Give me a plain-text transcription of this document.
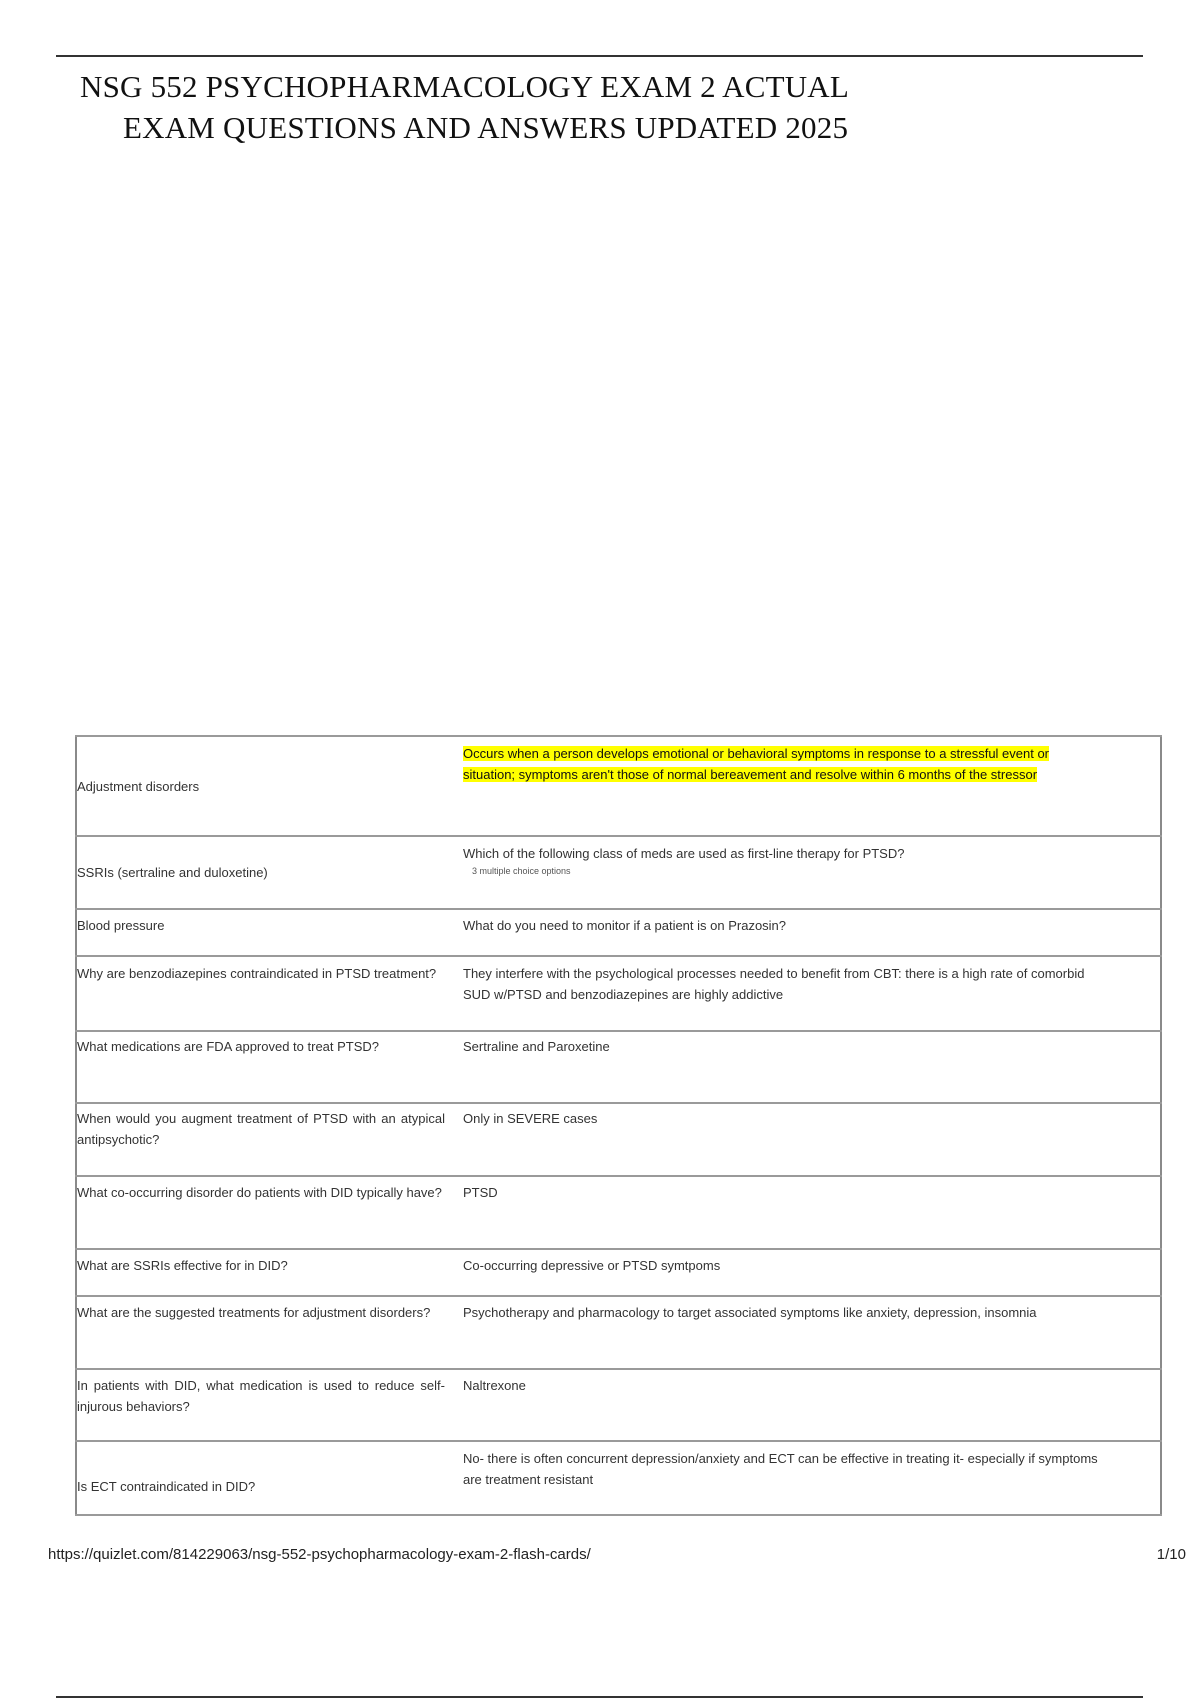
NSG 552 PSYCHOPHARMACOLOGY EXAM 2 ACTUAL
EXAM QUESTIONS AND ANSWERS UPDATED 2025
Adjustment disorders	Occurs when a person develops emotional or behavioral symptoms in response to a stressful event or situation; symptoms aren't those of normal bereavement and resolve within 6 months of the stressor

SSRIs (sertraline and duloxetine)	Which of the following class of meds are used as first-line therapy for PTSD?
3 multiple choice options

Blood pressure	What do you need to monitor if a patient is on Prazosin?

Why are benzodiazepines contraindicated in PTSD treatment?	They interfere with the psychological processes needed to benefit from CBT: there is a high rate of comorbid SUD w/PTSD and benzodiazepines are highly addictive

What medications are FDA approved to treat PTSD?	Sertraline and Paroxetine

When would you augment treatment of PTSD with an atypical antipsychotic?	Only in SEVERE cases

What co-occurring disorder do patients with DID typically have?	PTSD

What are SSRIs effective for in DID?	Co-occurring depressive or PTSD symtpoms

What are the suggested treatments for adjustment disorders?	Psychotherapy and pharmacology to target associated symptoms like anxiety, depression, insomnia

In patients with DID, what medication is used to reduce self-injurous behaviors?	Naltrexone

Is ECT contraindicated in DID?	No- there is often concurrent depression/anxiety and ECT can be effective in treating it- especially if symptoms are treatment resistant
https://quizlet.com/814229063/nsg-552-psychopharmacology-exam-2-flash-cards/	1/10
